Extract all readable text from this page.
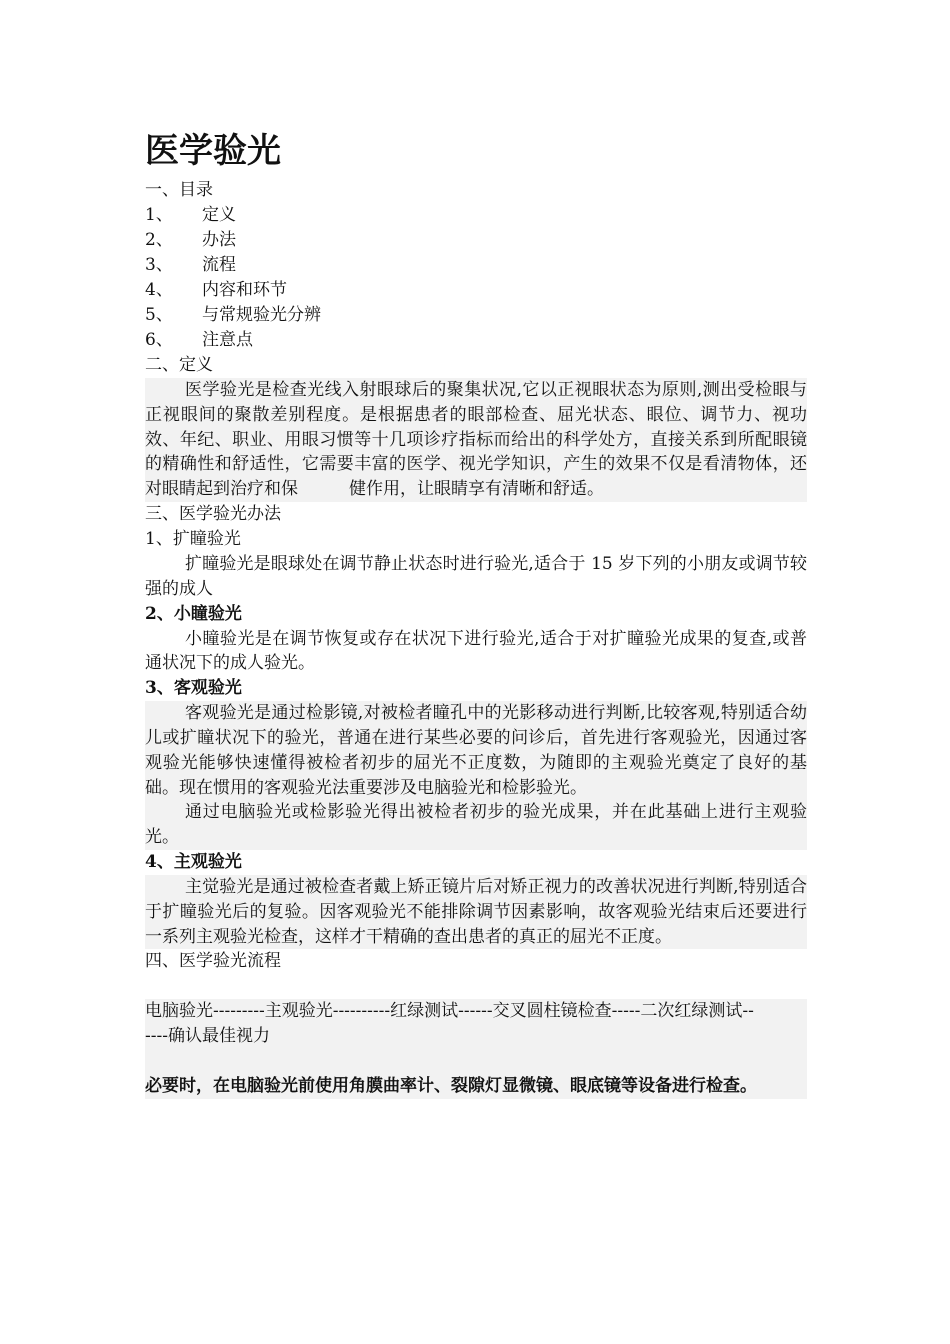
医学验光
一、目录
1、	定义
2、	办法
3、	流程
4、	内容和环节
5、	与常规验光分辨
6、	注意点
二、定义
医学验光是检查光线入射眼球后的聚集状况,它以正视眼状态为原则,测出受检眼与正视眼间的聚散差别程度。是根据患者的眼部检查、屈光状态、眼位、调节力、视功效、年纪、职业、用眼习惯等十几项诊疗指标而给出的科学处方，直接关系到所配眼镜的精确性和舒适性，它需要丰富的医学、视光学知识，产生的效果不仅是看清物体，还对眼睛起到治疗和保　　　健作用，让眼睛享有清晰和舒适。
三、医学验光办法
1、扩瞳验光
扩瞳验光是眼球处在调节静止状态时进行验光,适合于 15 岁下列的小朋友或调节较强的成人
2、小瞳验光
小瞳验光是在调节恢复或存在状况下进行验光,适合于对扩瞳验光成果的复查,或普通状况下的成人验光。
3、客观验光
客观验光是通过检影镜,对被检者瞳孔中的光影移动进行判断,比较客观,特别适合幼儿或扩瞳状况下的验光，普通在进行某些必要的问诊后，首先进行客观验光，因通过客观验光能够快速懂得被检者初步的屈光不正度数，为随即的主观验光奠定了良好的基础。现在惯用的客观验光法重要涉及电脑验光和检影验光。
通过电脑验光或检影验光得出被检者初步的验光成果，并在此基础上进行主观验光。
4、主观验光
主觉验光是通过被检查者戴上矫正镜片后对矫正视力的改善状况进行判断,特别适合于扩瞳验光后的复验。因客观验光不能排除调节因素影响，故客观验光结束后还要进行一系列主观验光检查，这样才干精确的查出患者的真正的屈光不正度。
四、医学验光流程
电脑验光---------主观验光----------红绿测试------交叉圆柱镜检查-----二次红绿测试------确认最佳视力
必要时，在电脑验光前使用角膜曲率计、裂隙灯显微镜、眼底镜等设备进行检查。
